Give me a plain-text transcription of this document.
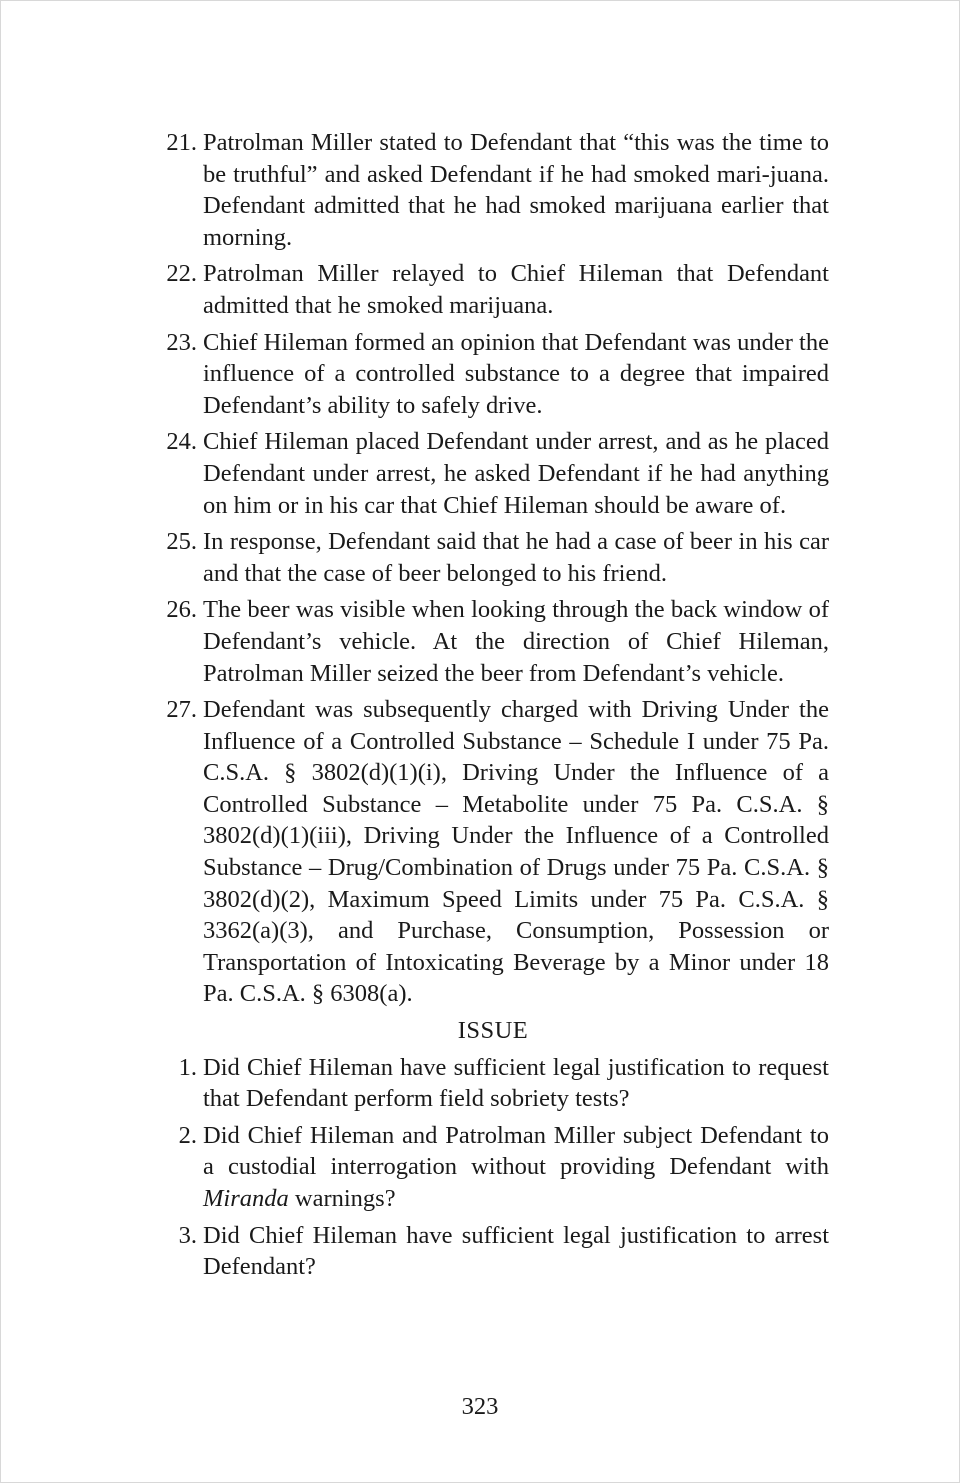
21. Patrolman Miller stated to Defendant that “this was the time to be truthful” and asked Defendant if he had smoked mari-juana. Defendant admitted that he had smoked marijuana earlier that morning.
22. Patrolman Miller relayed to Chief Hileman that Defendant admitted that he smoked marijuana.
23. Chief Hileman formed an opinion that Defendant was under the influence of a controlled substance to a degree that impaired Defendant’s ability to safely drive.
24. Chief Hileman placed Defendant under arrest, and as he placed Defendant under arrest, he asked Defendant if he had anything on him or in his car that Chief Hileman should be aware of.
25. In response, Defendant said that he had a case of beer in his car and that the case of beer belonged to his friend.
26. The beer was visible when looking through the back window of Defendant’s vehicle. At the direction of Chief Hileman, Patrolman Miller seized the beer from Defendant’s vehicle.
27. Defendant was subsequently charged with Driving Under the Influence of a Controlled Substance – Schedule I under 75 Pa. C.S.A. § 3802(d)(1)(i), Driving Under the Influence of a Controlled Substance – Metabolite under 75 Pa. C.S.A. § 3802(d)(1)(iii), Driving Under the Influence of a Controlled Substance – Drug/Combination of Drugs under 75 Pa. C.S.A. § 3802(d)(2), Maximum Speed Limits under 75 Pa. C.S.A. § 3362(a)(3), and Purchase, Consumption, Possession or Transportation of Intoxicating Beverage by a Minor under 18 Pa. C.S.A. § 6308(a).
ISSUE
1. Did Chief Hileman have sufficient legal justification to request that Defendant perform field sobriety tests?
2. Did Chief Hileman and Patrolman Miller subject Defendant to a custodial interrogation without providing Defendant with Miranda warnings?
3. Did Chief Hileman have sufficient legal justification to arrest Defendant?
323
